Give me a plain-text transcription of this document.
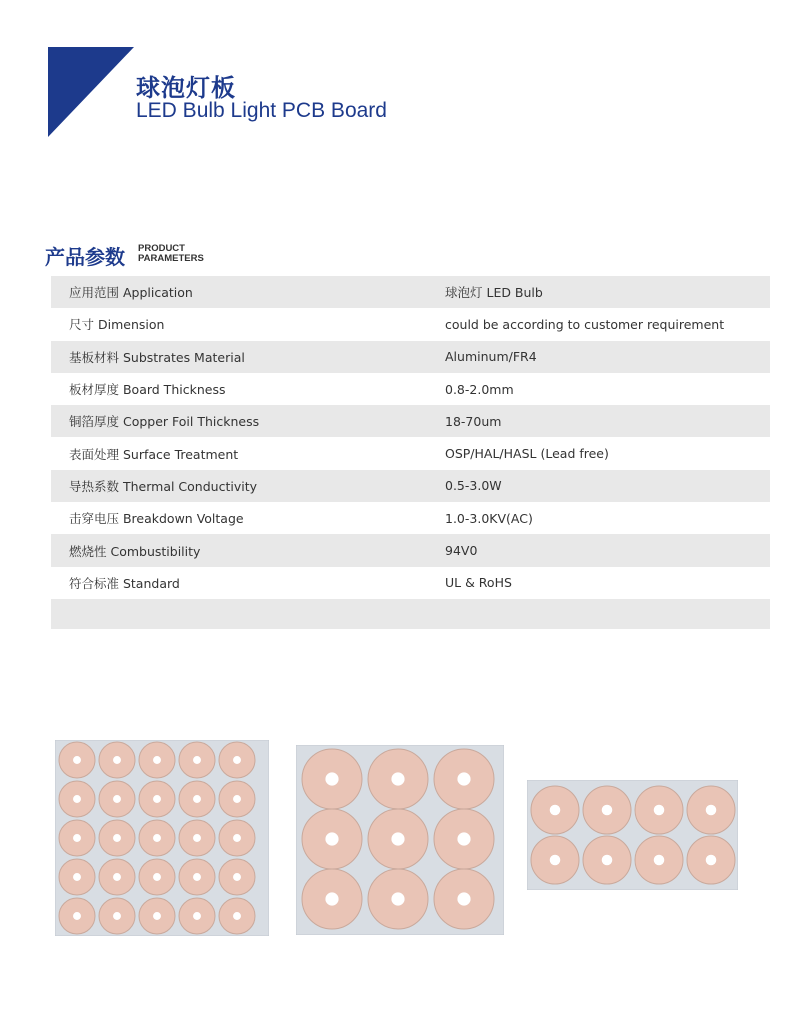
球泡灯板
LED Bulb Light PCB Board
产品参数 PRODUCT
PARAMETERS
应用范围 Application	球泡灯 LED Bulb
尺寸 Dimension	could be according to customer requirement
基板材料 Substrates Material	Aluminum/FR4
板材厚度 Board Thickness	0.8-2.0mm
铜箔厚度 Copper Foil Thickness	18-70um
表面处理 Surface Treatment	OSP/HAL/HASL (Lead free)
导热系数 Thermal Conductivity	0.5-3.0W
击穿电压 Breakdown Voltage	1.0-3.0KV(AC)
燃烧性 Combustibility	94V0
符合标准 Standard	UL & RoHS
